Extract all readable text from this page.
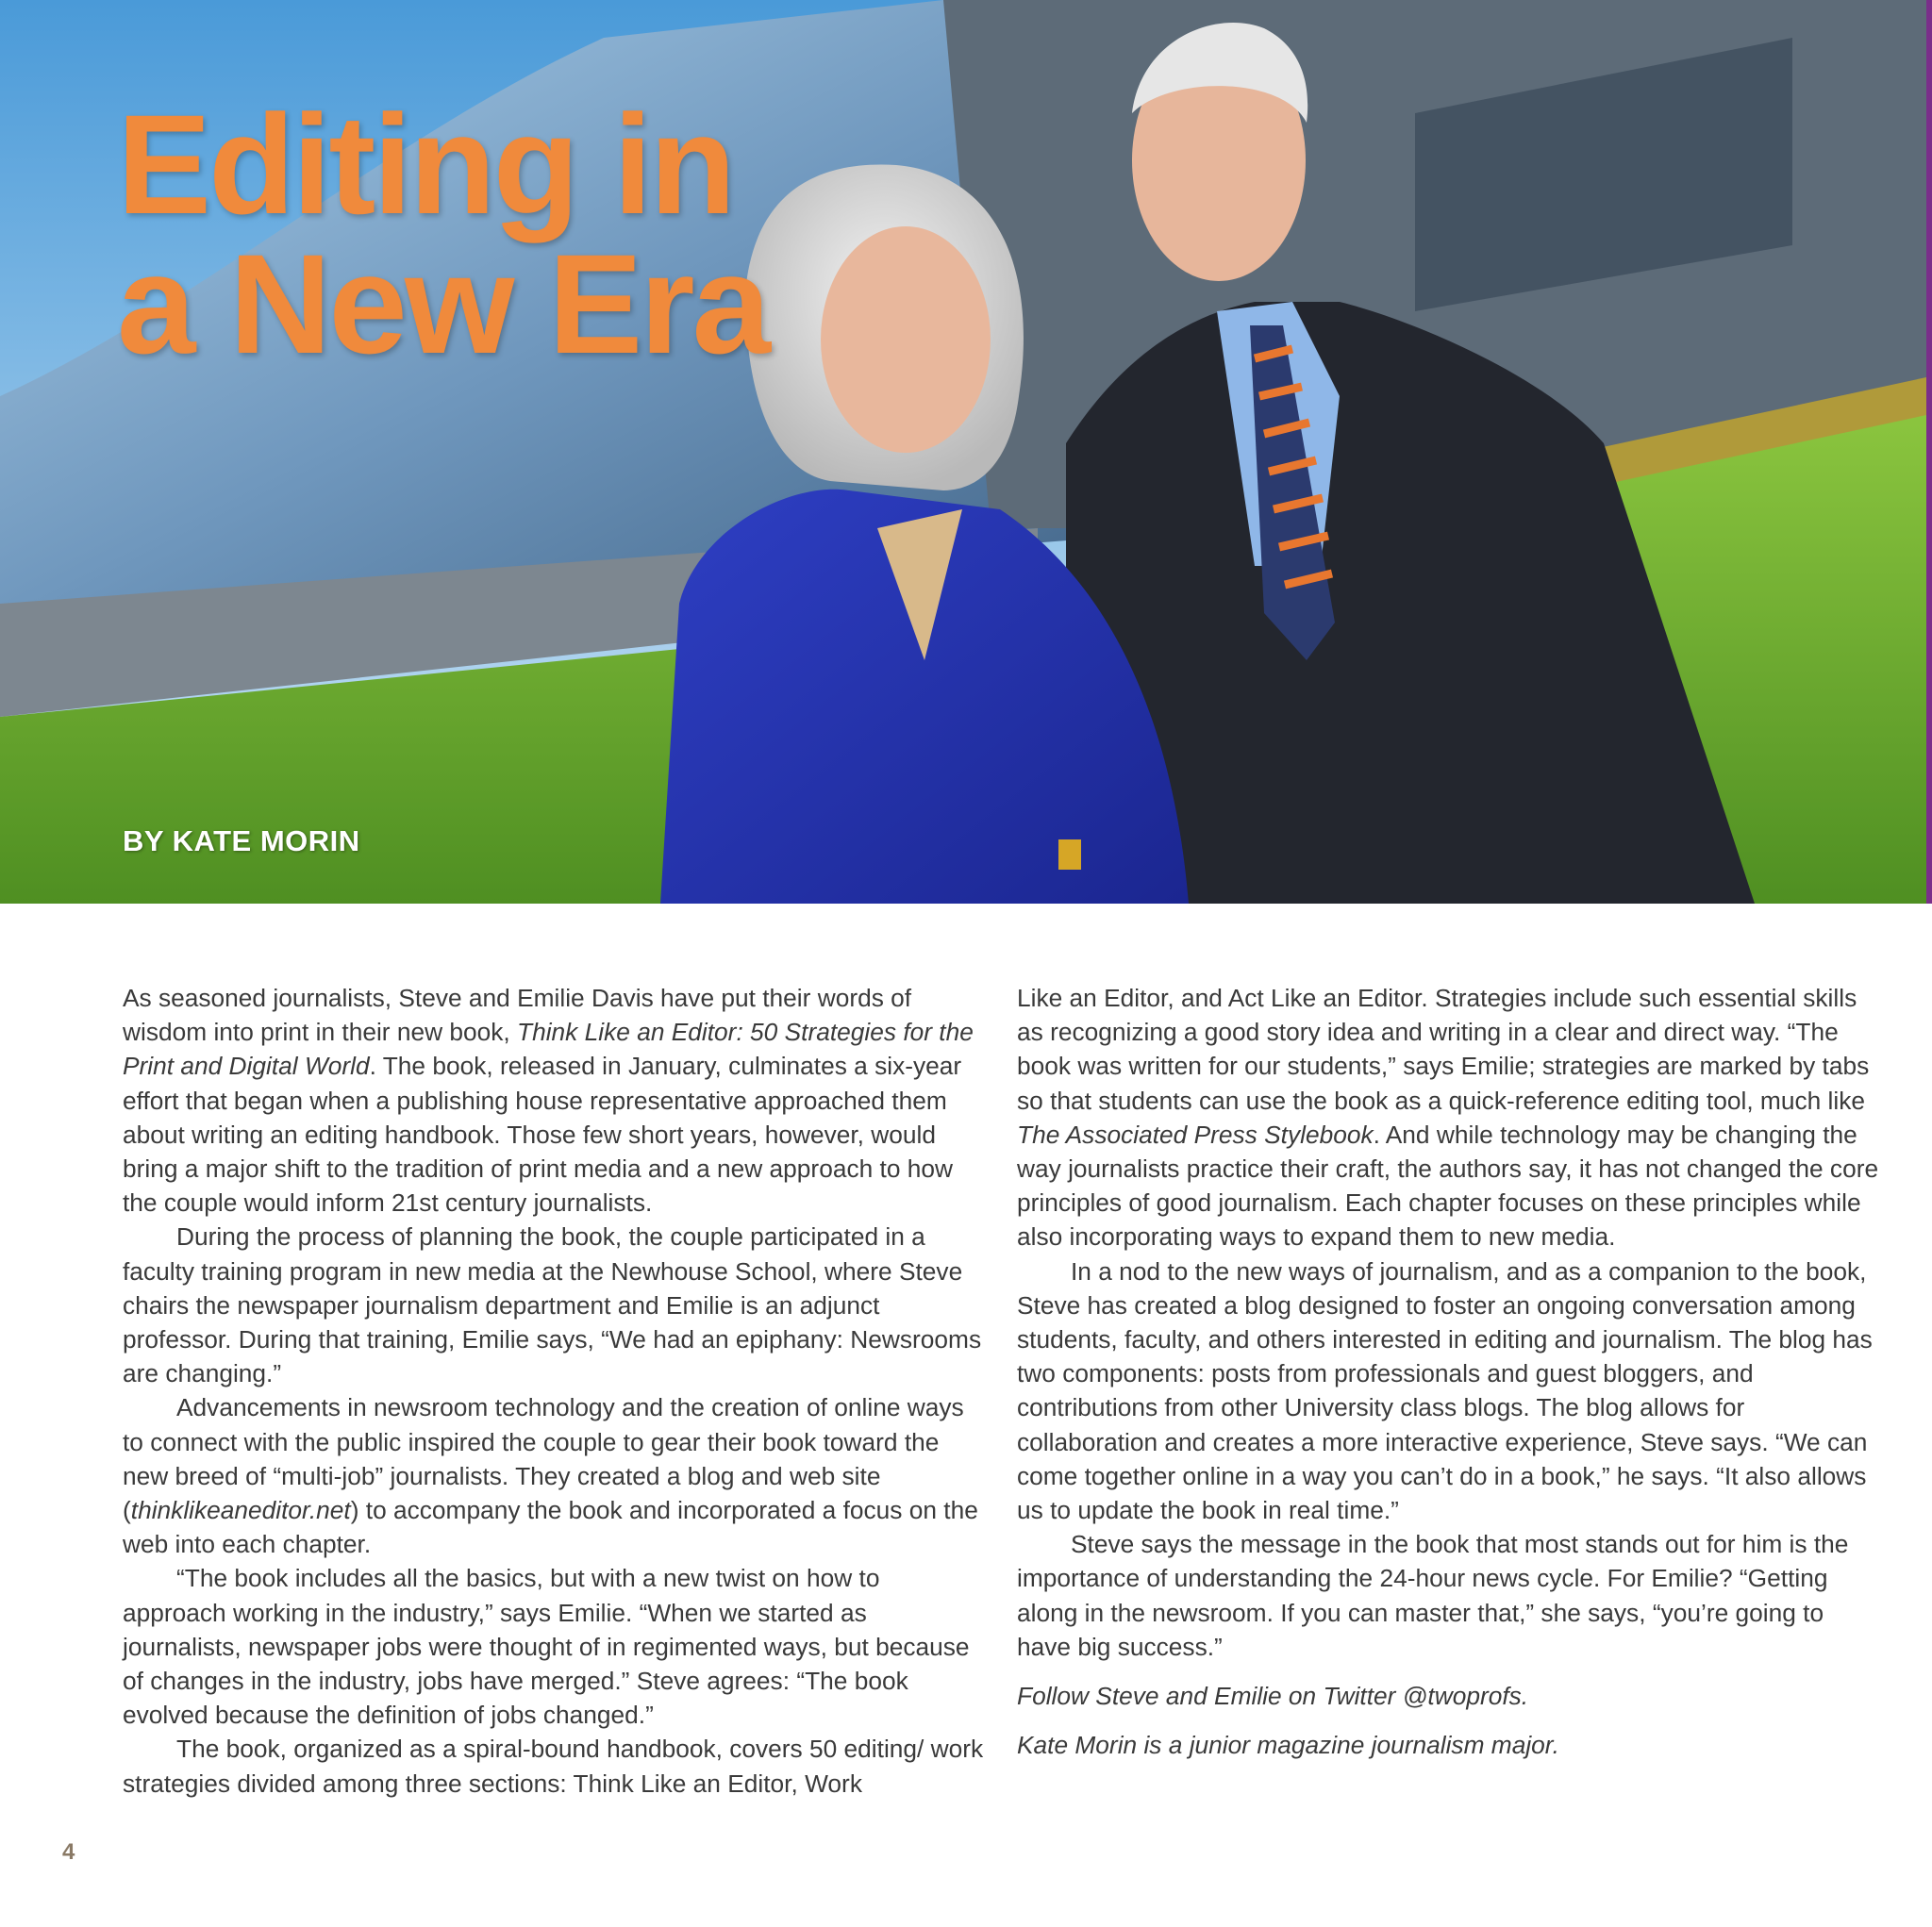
Editing in
a New Era
BY KATE MORIN

As seasoned journalists, Steve and Emilie Davis have put their words of wisdom into print in their new book, Think Like an Editor: 50 Strategies for the Print and Digital World. The book, released in January, culminates a six-year effort that began when a publishing house representative approached them about writing an editing handbook. Those few short years, however, would bring a major shift to the tradition of print media and a new approach to how the couple would inform 21st century journalists.

During the process of planning the book, the couple participated in a faculty training program in new media at the Newhouse School, where Steve chairs the newspaper journalism department and Emilie is an adjunct professor. During that training, Emilie says, “We had an epiphany: Newsrooms are changing.”

Advancements in newsroom technology and the creation of online ways to connect with the public inspired the couple to gear their book toward the new breed of “multi-job” journalists. They created a blog and web site (thinklikeaneditor.net) to accompany the book and incorporated a focus on the web into each chapter.

“The book includes all the basics, but with a new twist on how to approach working in the industry,” says Emilie. “When we started as journalists, newspaper jobs were thought of in regimented ways, but because of changes in the industry, jobs have merged.” Steve agrees: “The book evolved because the definition of jobs changed.”

The book, organized as a spiral-bound handbook, covers 50 editing/ work strategies divided among three sections: Think Like an Editor, Work

Like an Editor, and Act Like an Editor. Strategies include such essential skills as recognizing a good story idea and writing in a clear and direct way. “The book was written for our students,” says Emilie; strategies are marked by tabs so that students can use the book as a quick-reference editing tool, much like The Associated Press Stylebook. And while technology may be changing the way journalists practice their craft, the authors say, it has not changed the core principles of good journalism. Each chapter focuses on these principles while also incorporating ways to expand them to new media.

In a nod to the new ways of journalism, and as a companion to the book, Steve has created a blog designed to foster an ongoing conversation among students, faculty, and others interested in editing and journalism. The blog has two components: posts from professionals and guest bloggers, and contributions from other University class blogs. The blog allows for collaboration and creates a more interactive experience, Steve says. “We can come together online in a way you can’t do in a book,” he says. “It also allows us to update the book in real time.”

Steve says the message in the book that most stands out for him is the importance of understanding the 24-hour news cycle. For Emilie? “Getting along in the newsroom. If you can master that,” she says, “you’re going to have big success.”

Follow Steve and Emilie on Twitter @twoprofs.

Kate Morin is a junior magazine journalism major.

4
